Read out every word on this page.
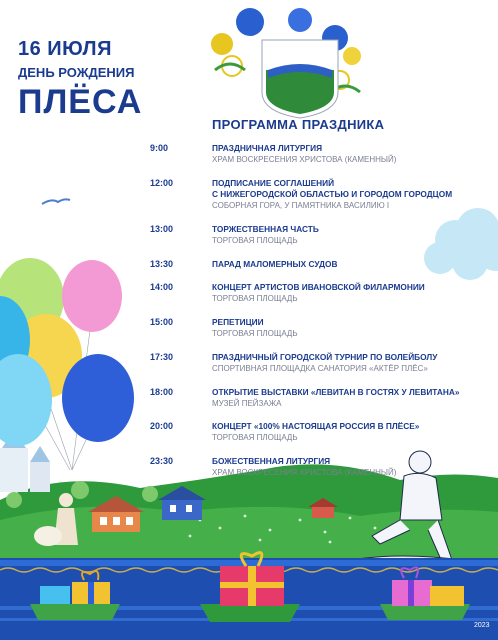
16 ИЮЛЯ
ДЕНЬ РОЖДЕНИЯ
ПЛЁСА
ПРОГРАММА ПРАЗДНИКА
9:00	ПРАЗДНИЧНАЯ ЛИТУРГИЯ
ХРАМ ВОСКРЕСЕНИЯ ХРИСТОВА (КАМЕННЫЙ)
12:00	ПОДПИСАНИЕ СОГЛАШЕНИЙ
С НИЖЕГОРОДСКОЙ ОБЛАСТЬЮ И ГОРОДОМ ГОРОДЦОМ
СОБОРНАЯ ГОРА, У ПАМЯТНИКА ВАСИЛИЮ I
13:00	ТОРЖЕСТВЕННАЯ ЧАСТЬ
ТОРГОВАЯ ПЛОЩАДЬ
13:30	ПАРАД МАЛОМЕРНЫХ СУДОВ
14:00	КОНЦЕРТ АРТИСТОВ ИВАНОВСКОЙ ФИЛАРМОНИИ
ТОРГОВАЯ ПЛОЩАДЬ
15:00	РЕПЕТИЦИИ
ТОРГОВАЯ ПЛОЩАДЬ
17:30	ПРАЗДНИЧНЫЙ ГОРОДСКОЙ ТУРНИР ПО ВОЛЕЙБОЛУ
СПОРТИВНАЯ ПЛОЩАДКА САНАТОРИЯ «АКТЁР ПЛЁС»
18:00	ОТКРЫТИЕ ВЫСТАВКИ «ЛЕВИТАН В ГОСТЯХ У ЛЕВИТАНА»
МУЗЕЙ ПЕЙЗАЖА
20:00	КОНЦЕРТ «100% НАСТОЯЩАЯ РОССИЯ В ПЛЁСЕ»
ТОРГОВАЯ ПЛОЩАДЬ
23:30	БОЖЕСТВЕННАЯ ЛИТУРГИЯ
ХРАМ ВОСКРЕСЕНИЯ ХРИСТОВА (КАМЕННЫЙ)
2023
